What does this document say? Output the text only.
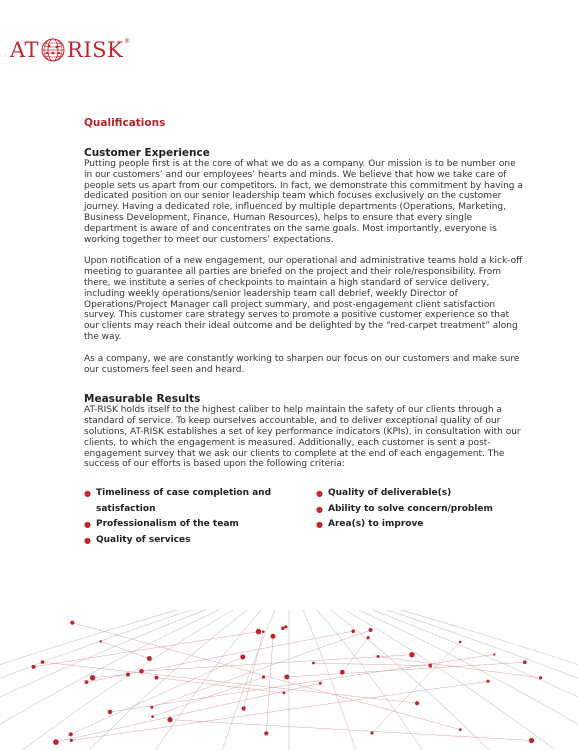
AT RISK ®
Qualifications
Customer Experience

Putting people first is at the core of what we do as a company. Our mission is to be number one in our customers’ and our employees’ hearts and minds. We believe that how we take care of people sets us apart from our competitors. In fact, we demonstrate this commitment by having a dedicated position on our senior leadership team which focuses exclusively on the customer journey. Having a dedicated role, influenced by multiple departments (Operations, Marketing, Business Development, Finance, Human Resources), helps to ensure that every single department is aware of and concentrates on the same goals. Most importantly, everyone is working together to meet our customers’ expectations.

Upon notification of a new engagement, our operational and administrative teams hold a kick-off meeting to guarantee all parties are briefed on the project and their role/responsibility. From there, we institute a series of checkpoints to maintain a high standard of service delivery, including weekly operations/senior leadership team call debrief, weekly Director of Operations/Project Manager call project summary, and post-engagement client satisfaction survey. This customer care strategy serves to promote a positive customer experience so that our clients may reach their ideal outcome and be delighted by the “red-carpet treatment” along the way.

As a company, we are constantly working to sharpen our focus on our customers and make sure our customers feel seen and heard.

Measurable Results

AT-RISK holds itself to the highest caliber to help maintain the safety of our clients through a standard of service. To keep ourselves accountable, and to deliver exceptional quality of our solutions, AT-RISK establishes a set of key performance indicators (KPIs), in consultation with our clients, to which the engagement is measured. Additionally, each customer is sent a post-engagement survey that we ask our clients to complete at the end of each engagement. The success of our efforts is based upon the following criteria:

● Timeliness of case completion and satisfaction
● Professionalism of the team
● Quality of services
● Quality of deliverable(s)
● Ability to solve concern/problem
● Area(s) to improve
